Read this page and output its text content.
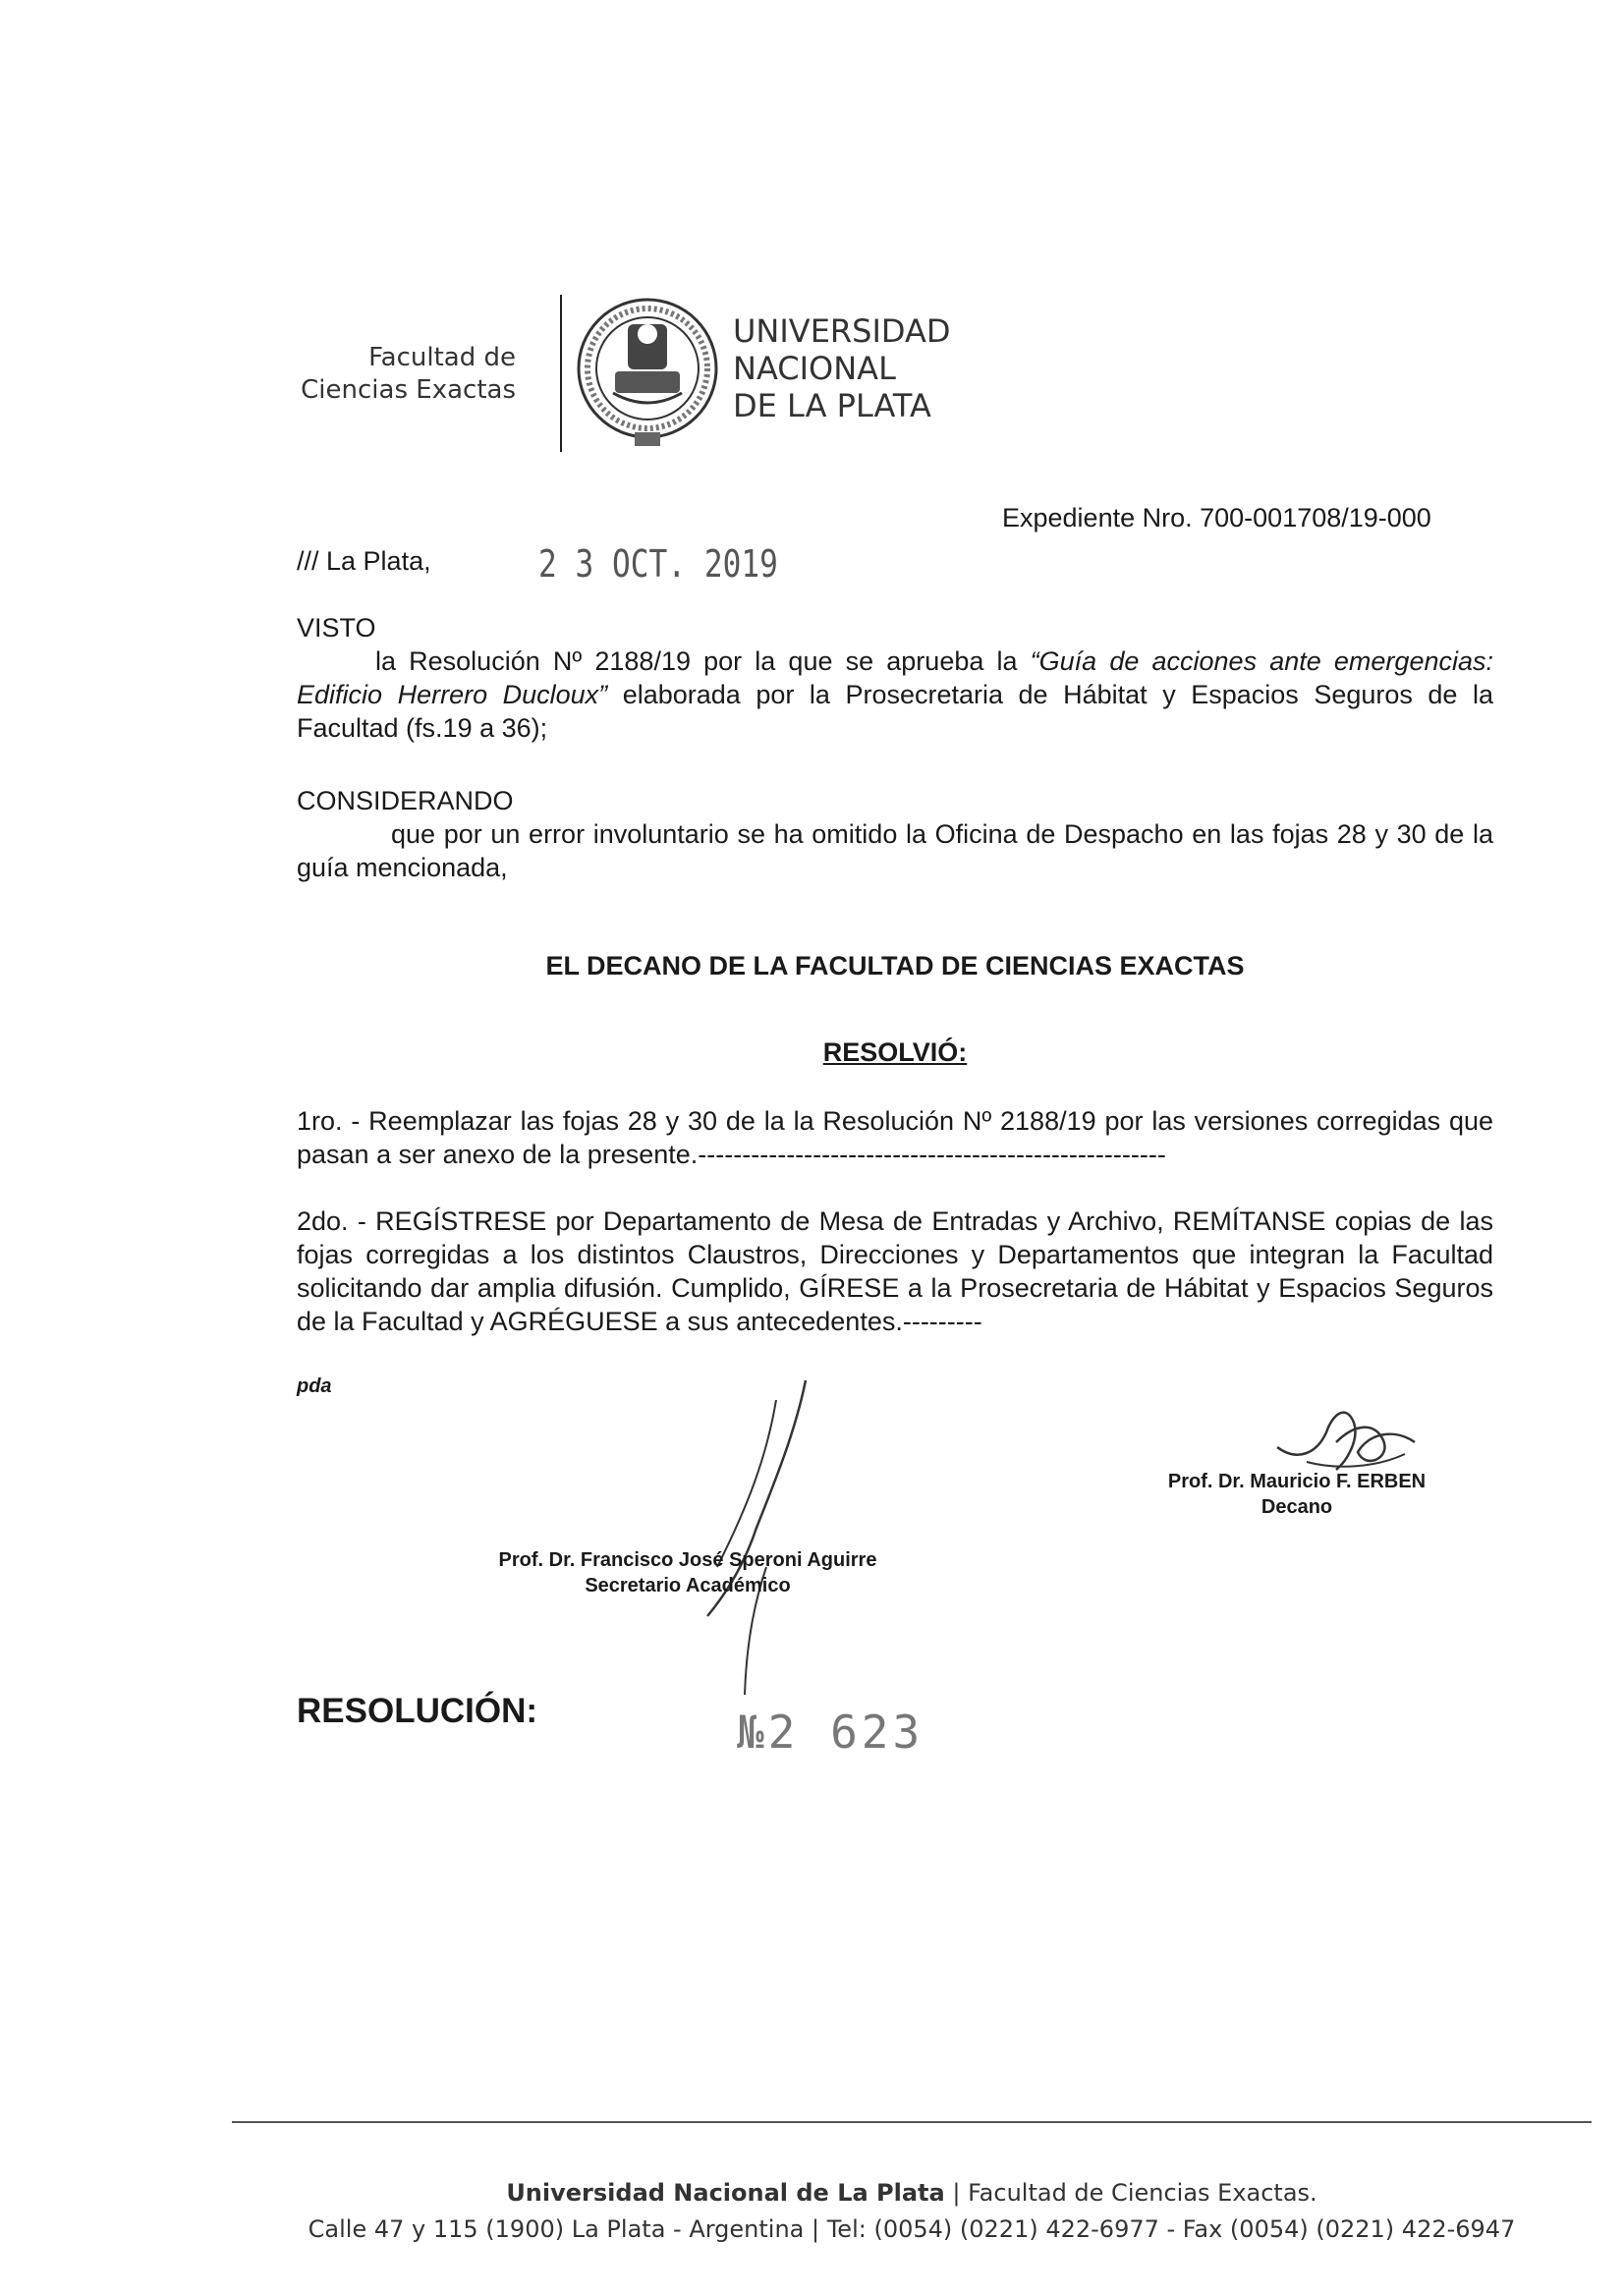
Facultad de
Ciencias Exactas
UNIVERSIDAD
NACIONAL
DE LA PLATA
Expediente Nro. 700-001708/19-000
/// La Plata,	2 3 OCT. 2019
VISTO
la Resolución Nº 2188/19 por la que se aprueba la “Guía de acciones ante emergencias: Edificio Herrero Ducloux” elaborada por la Prosecretaria de Hábitat y Espacios Seguros de la Facultad (fs.19 a 36);
CONSIDERANDO
que por un error involuntario se ha omitido la Oficina de Despacho en las fojas 28 y 30 de la guía mencionada,
EL DECANO DE LA FACULTAD DE CIENCIAS EXACTAS
RESOLVIÓ:
1ro. - Reemplazar las fojas 28 y 30 de la la Resolución Nº 2188/19 por las versiones corregidas que pasan a ser anexo de la presente.-----------------------------------------------------
2do. - REGÍSTRESE por Departamento de Mesa de Entradas y Archivo, REMÍTANSE copias de las fojas corregidas a los distintos Claustros, Direcciones y Departamentos que integran la Facultad solicitando dar amplia difusión. Cumplido, GÍRESE a la Prosecretaria de Hábitat y Espacios Seguros de la Facultad y AGRÉGUESE a sus antecedentes.---------
pda
Prof. Dr. Mauricio F. ERBEN
Decano
Prof. Dr. Francisco José Speroni Aguirre
Secretario Académico
RESOLUCIÓN:	№2 623
Universidad Nacional de La Plata | Facultad de Ciencias Exactas.
Calle 47 y 115 (1900) La Plata - Argentina | Tel: (0054) (0221) 422-6977 - Fax (0054) (0221) 422-6947
